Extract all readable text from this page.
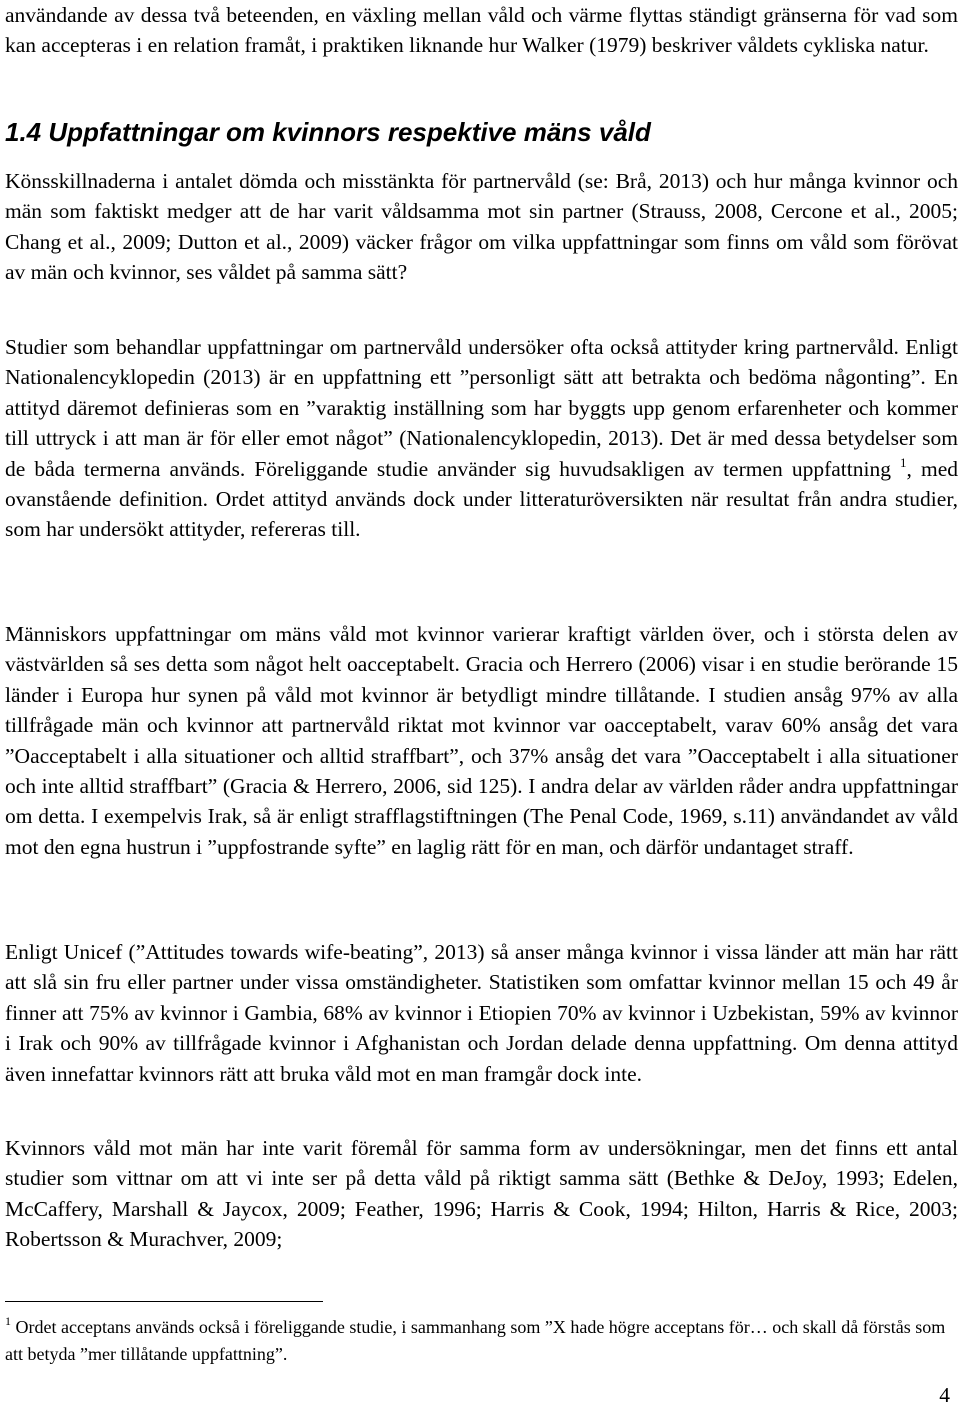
användande av dessa två beteenden, en växling mellan våld och värme flyttas ständigt gränserna för vad som kan accepteras i en relation framåt, i praktiken liknande hur Walker (1979) beskriver våldets cykliska natur.

1.4 Uppfattningar om kvinnors respektive mäns våld

Könsskillnaderna i antalet dömda och misstänkta för partnervåld (se: Brå, 2013) och hur många kvinnor och män som faktiskt medger att de har varit våldsamma mot sin partner (Strauss, 2008, Cercone et al., 2005; Chang et al., 2009; Dutton et al., 2009) väcker frågor om vilka uppfattningar som finns om våld som förövat av män och kvinnor, ses våldet på samma sätt?

Studier som behandlar uppfattningar om partnervåld undersöker ofta också attityder kring partnervåld. Enligt Nationalencyklopedin (2013) är en uppfattning ett ”personligt sätt att betrakta och bedöma någonting”. En attityd däremot definieras som en ”varaktig inställning som har byggts upp genom erfarenheter och kommer till uttryck i att man är för eller emot något” (Nationalencyklopedin, 2013). Det är med dessa betydelser som de båda termerna används. Föreliggande studie använder sig huvudsakligen av termen uppfattning $^1$, med ovanstående definition. Ordet attityd används dock under litteraturöversikten när resultat från andra studier, som har undersökt attityder, refereras till.

Människors uppfattningar om mäns våld mot kvinnor varierar kraftigt världen över, och i största delen av västvärlden så ses detta som något helt oacceptabelt. Gracia och Herrero (2006) visar i en studie berörande 15 länder i Europa hur synen på våld mot kvinnor är betydligt mindre tillåtande. I studien ansåg 97% av alla tillfrågade män och kvinnor att partnervåld riktat mot kvinnor var oacceptabelt, varav 60% ansåg det vara ”Oacceptabelt i alla situationer och alltid straffbart”, och 37% ansåg det vara ”Oacceptabelt i alla situationer och inte alltid straffbart” (Gracia & Herrero, 2006, sid 125). I andra delar av världen råder andra uppfattningar om detta. I exempelvis Irak, så är enligt strafflagstiftningen (The Penal Code, 1969, s.11) användandet av våld mot den egna hustrun i ”uppfostrande syfte” en laglig rätt för en man, och därför undantaget straff.

Enligt Unicef (”Attitudes towards wife-beating”, 2013) så anser många kvinnor i vissa länder att män har rätt att slå sin fru eller partner under vissa omständigheter. Statistiken som omfattar kvinnor mellan 15 och 49 år finner att 75% av kvinnor i Gambia, 68% av kvinnor i Etiopien 70% av kvinnor i Uzbekistan, 59% av kvinnor i Irak och 90% av tillfrågade kvinnor i Afghanistan och Jordan delade denna uppfattning. Om denna attityd även innefattar kvinnors rätt att bruka våld mot en man framgår dock inte.

Kvinnors våld mot män har inte varit föremål för samma form av undersökningar, men det finns ett antal studier som vittnar om att vi inte ser på detta våld på riktigt samma sätt (Bethke & DeJoy, 1993; Edelen, McCaffery, Marshall & Jaycox, 2009; Feather, 1996; Harris & Cook, 1994; Hilton, Harris & Rice, 2003; Robertsson & Murachver, 2009;

$^1$ Ordet acceptans används också i föreliggande studie, i sammanhang som ”X hade högre acceptans för… och skall då förstås som att betyda ”mer tillåtande uppfattning”.
4
